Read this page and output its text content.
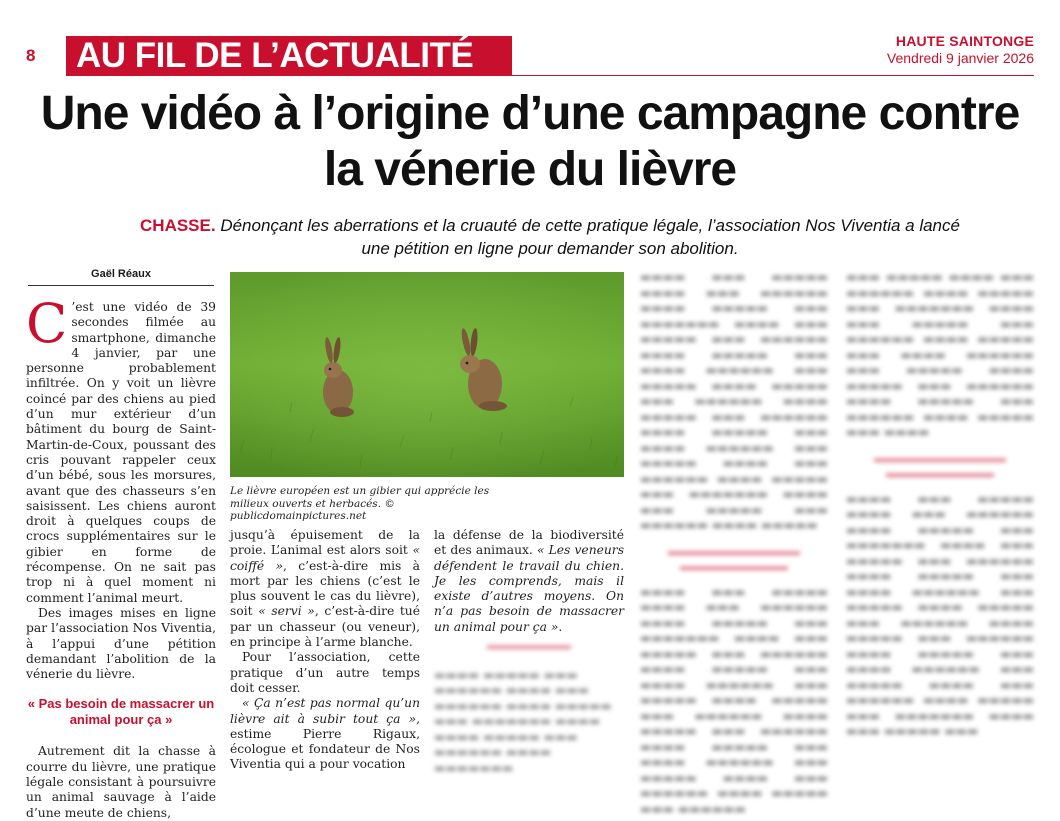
8 AU FIL DE L’ACTUALITÉ	HAUTE SAINTONGE
Vendredi 9 janvier 2026
Une vidéo à l’origine d’une campagne contre la vénerie du lièvre
CHASSE. Dénonçant les aberrations et la cruauté de cette pratique légale, l’association Nos Viventia a lancé une pétition en ligne pour demander son abolition.
Gaël Réaux

C ’est une vidéo de 39 secondes filmée au smartphone, dimanche 4 janvier, par une personne probablement infiltrée. On y voit un lièvre coincé par des chiens au pied d’un mur extérieur d’un bâtiment du bourg de Saint-Martin-de-Coux, poussant des cris pouvant rappeler ceux d’un bébé, sous les morsures, avant que des chasseurs s’en saisissent. Les chiens auront droit à quelques coups de crocs supplémentaires sur le gibier en forme de récompense. On ne sait pas trop ni à quel moment ni comment l’animal meurt.

Des images mises en ligne par l’association Nos Viventia, à l’appui d’une pétition demandant l’abolition de la vénerie du lièvre.

« Pas besoin de massacrer un animal pour ça »

Autrement dit la chasse à courre du lièvre, une pratique légale consistant à poursuivre un animal sauvage à l’aide d’une meute de chiens,

Le lièvre européen est un gibier qui apprécie les milieux ouverts et herbacés. © publicdomainpictures.net

jusqu’à épuisement de la proie. L’animal est alors soit « coiffé », c’est-à-dire mis à mort par les chiens (c’est le plus souvent le cas du lièvre), soit « servi », c’est-à-dire tué par un chasseur (ou veneur), en principe à l’arme blanche.

Pour l’association, cette pratique d’un autre temps doit cesser.

« Ça n’est pas normal qu’un lièvre ait à subir tout ça », estime Pierre Rigaux, écologue et fondateur de Nos Viventia qui a pour vocation

la défense de la biodiversité et des animaux. « Les veneurs défendent le travail du chien. Je les comprends, mais il existe d’autres moyens. On n’a pas besoin de massacrer un animal pour ça ».

▬▬▬▬▬▬▬
▬▬▬▬ ▬▬▬▬▬ ▬▬▬ ▬▬▬▬▬▬ ▬▬▬▬ ▬▬▬ ▬▬▬▬▬▬ ▬▬▬▬ ▬▬▬▬▬ ▬▬▬ ▬▬▬▬▬▬▬ ▬▬▬▬ ▬▬▬▬ ▬▬▬▬▬ ▬▬▬ ▬▬▬▬▬▬ ▬▬▬▬ ▬▬▬▬▬▬▬
▬▬▬▬ ▬▬▬ ▬▬▬▬▬ ▬▬▬▬ ▬▬▬ ▬▬▬▬▬▬ ▬▬▬▬ ▬▬▬▬▬ ▬▬▬ ▬▬▬▬▬▬▬ ▬▬▬▬ ▬▬▬ ▬▬▬▬▬ ▬▬▬ ▬▬▬▬▬▬ ▬▬▬▬ ▬▬▬▬▬ ▬▬▬ ▬▬▬▬ ▬▬▬▬▬▬ ▬▬▬ ▬▬▬▬▬ ▬▬▬▬ ▬▬▬▬▬ ▬▬▬ ▬▬▬▬▬▬ ▬▬▬▬ ▬▬▬▬▬ ▬▬▬ ▬▬▬▬▬▬ ▬▬▬▬ ▬▬▬▬▬ ▬▬▬ ▬▬▬▬ ▬▬▬▬▬▬ ▬▬▬ ▬▬▬▬▬ ▬▬▬▬ ▬▬▬ ▬▬▬▬▬▬ ▬▬▬▬ ▬▬▬▬▬ ▬▬▬ ▬▬▬▬▬▬▬ ▬▬▬▬ ▬▬▬ ▬▬▬▬▬ ▬▬▬ ▬▬▬▬▬▬ ▬▬▬▬ ▬▬▬▬▬
▬▬▬▬▬▬▬▬▬▬▬
▬▬▬▬▬▬▬▬▬
▬▬▬▬ ▬▬▬ ▬▬▬▬▬ ▬▬▬▬ ▬▬▬ ▬▬▬▬▬▬ ▬▬▬▬ ▬▬▬▬▬ ▬▬▬ ▬▬▬▬▬▬▬ ▬▬▬▬ ▬▬▬ ▬▬▬▬▬ ▬▬▬ ▬▬▬▬▬▬ ▬▬▬▬ ▬▬▬▬▬ ▬▬▬ ▬▬▬▬ ▬▬▬▬▬▬ ▬▬▬ ▬▬▬▬▬ ▬▬▬▬ ▬▬▬▬▬ ▬▬▬ ▬▬▬▬▬▬ ▬▬▬▬ ▬▬▬▬▬ ▬▬▬ ▬▬▬▬▬▬ ▬▬▬▬ ▬▬▬▬▬ ▬▬▬ ▬▬▬▬ ▬▬▬▬▬▬ ▬▬▬ ▬▬▬▬▬ ▬▬▬▬ ▬▬▬ ▬▬▬▬▬▬ ▬▬▬▬ ▬▬▬▬▬ ▬▬▬ ▬▬▬▬▬▬
▬▬▬ ▬▬▬▬▬ ▬▬▬▬ ▬▬▬ ▬▬▬▬▬▬ ▬▬▬▬ ▬▬▬▬▬ ▬▬▬ ▬▬▬▬▬▬▬ ▬▬▬▬ ▬▬▬ ▬▬▬▬▬ ▬▬▬ ▬▬▬▬▬▬ ▬▬▬▬ ▬▬▬▬▬ ▬▬▬ ▬▬▬▬ ▬▬▬▬▬▬ ▬▬▬ ▬▬▬▬▬ ▬▬▬▬ ▬▬▬▬▬ ▬▬▬ ▬▬▬▬▬▬ ▬▬▬▬ ▬▬▬▬▬ ▬▬▬ ▬▬▬▬▬▬ ▬▬▬▬ ▬▬▬▬▬ ▬▬▬ ▬▬▬▬
▬▬▬▬▬▬▬▬▬▬▬
▬▬▬▬▬▬▬▬▬
▬▬▬▬ ▬▬▬ ▬▬▬▬▬ ▬▬▬▬ ▬▬▬ ▬▬▬▬▬▬ ▬▬▬▬ ▬▬▬▬▬ ▬▬▬ ▬▬▬▬▬▬▬ ▬▬▬▬ ▬▬▬ ▬▬▬▬▬ ▬▬▬ ▬▬▬▬▬▬ ▬▬▬▬ ▬▬▬▬▬ ▬▬▬ ▬▬▬▬ ▬▬▬▬▬▬ ▬▬▬ ▬▬▬▬▬ ▬▬▬▬ ▬▬▬▬▬ ▬▬▬ ▬▬▬▬▬▬ ▬▬▬▬ ▬▬▬▬▬ ▬▬▬ ▬▬▬▬▬▬ ▬▬▬▬ ▬▬▬▬▬ ▬▬▬ ▬▬▬▬ ▬▬▬▬▬▬ ▬▬▬ ▬▬▬▬▬ ▬▬▬▬ ▬▬▬ ▬▬▬▬▬▬ ▬▬▬▬ ▬▬▬▬▬ ▬▬▬ ▬▬▬▬▬▬▬ ▬▬▬▬ ▬▬▬ ▬▬▬▬▬ ▬▬▬
